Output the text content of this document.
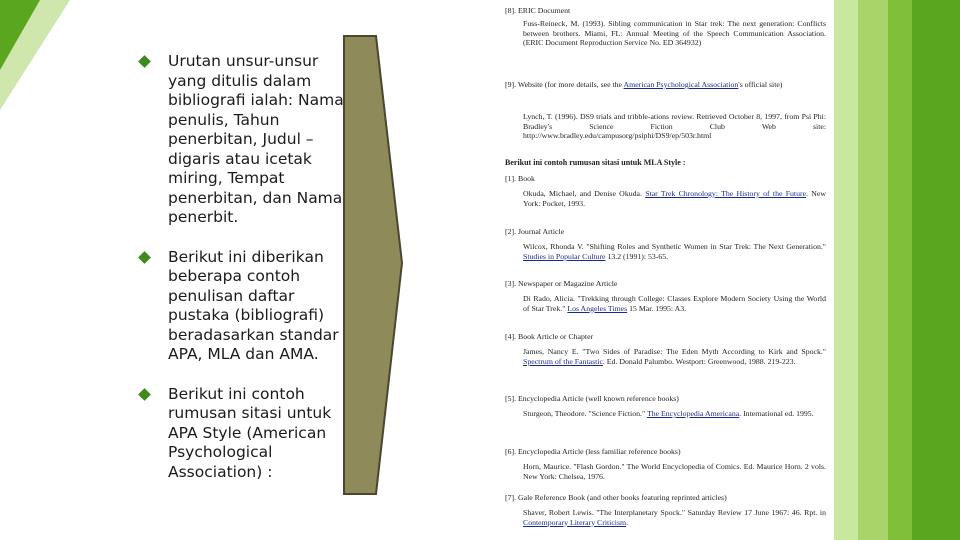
Urutan unsur-unsur yang ditulis dalam bibliografi ialah: Nama penulis, Tahun penerbitan, Judul – digaris atau icetak miring, Tempat penerbitan, dan Nama penerbit.
Berikut ini diberikan beberapa contoh penulisan daftar pustaka (bibliografi) beradasarkan standar APA, MLA dan AMA.
Berikut ini contoh rumusan sitasi untuk APA Style (American Psychological Association) :
[8]. ERIC Document
Fuss-Reineck, M. (1993). Sibling communication in Star trek: The next generation: Conflicts between brothers. Miami, FL: Annual Meeting of the Speech Communication Association. (ERIC Document Reproduction Service No. ED 364932)
[9]. Website (for more details, see the American Psychological Association's official site)
Lynch, T. (1996). DS9 trials and tribble-ations review. Retrieved October 8, 1997, from Psi Phi: Bradley's Science Fiction Club Web site: http://www.bradley.edu/campusorg/psiphi/DS9/ep/503r.html
Berikut ini contoh rumusan sitasi untuk MLA Style :
[1]. Book
Okuda, Michael, and Denise Okuda. Star Trek Chronology: The History of the Future. New York: Pocket, 1993.
[2]. Journal Article
Wilcox, Rhonda V. "Shifting Roles and Synthetic Women in Star Trek: The Next Generation." Studies in Popular Culture 13.2 (1991): 53-65.
[3]. Newspaper or Magazine Article
Di Rado, Alicia. "Trekking through College: Classes Explore Modern Society Using the World of Star Trek." Los Angeles Times 15 Mar. 1995: A3.
[4]. Book Article or Chapter
James, Nancy E. "Two Sides of Paradise: The Eden Myth According to Kirk and Spock." Spectrum of the Fantastic. Ed. Donald Palumbo. Westport: Greenwood, 1988. 219-223.
[5]. Encyclopedia Article (well known reference books)
Sturgeon, Theodore. "Science Fiction." The Encyclopedia Americana. International ed. 1995.
[6]. Encyclopedia Article (less familiar reference books)
Horn, Maurice. "Flash Gordon." The World Encyclopedia of Comics. Ed. Maurice Horn. 2 vols. New York: Chelsea, 1976.
[7]. Gale Reference Book (and other books featuring reprinted articles)
Shaver, Robert Lewis. "The Interplanetary Spock." Saturday Review 17 June 1967: 46. Rpt. in Contemporary Literary Criticism.
